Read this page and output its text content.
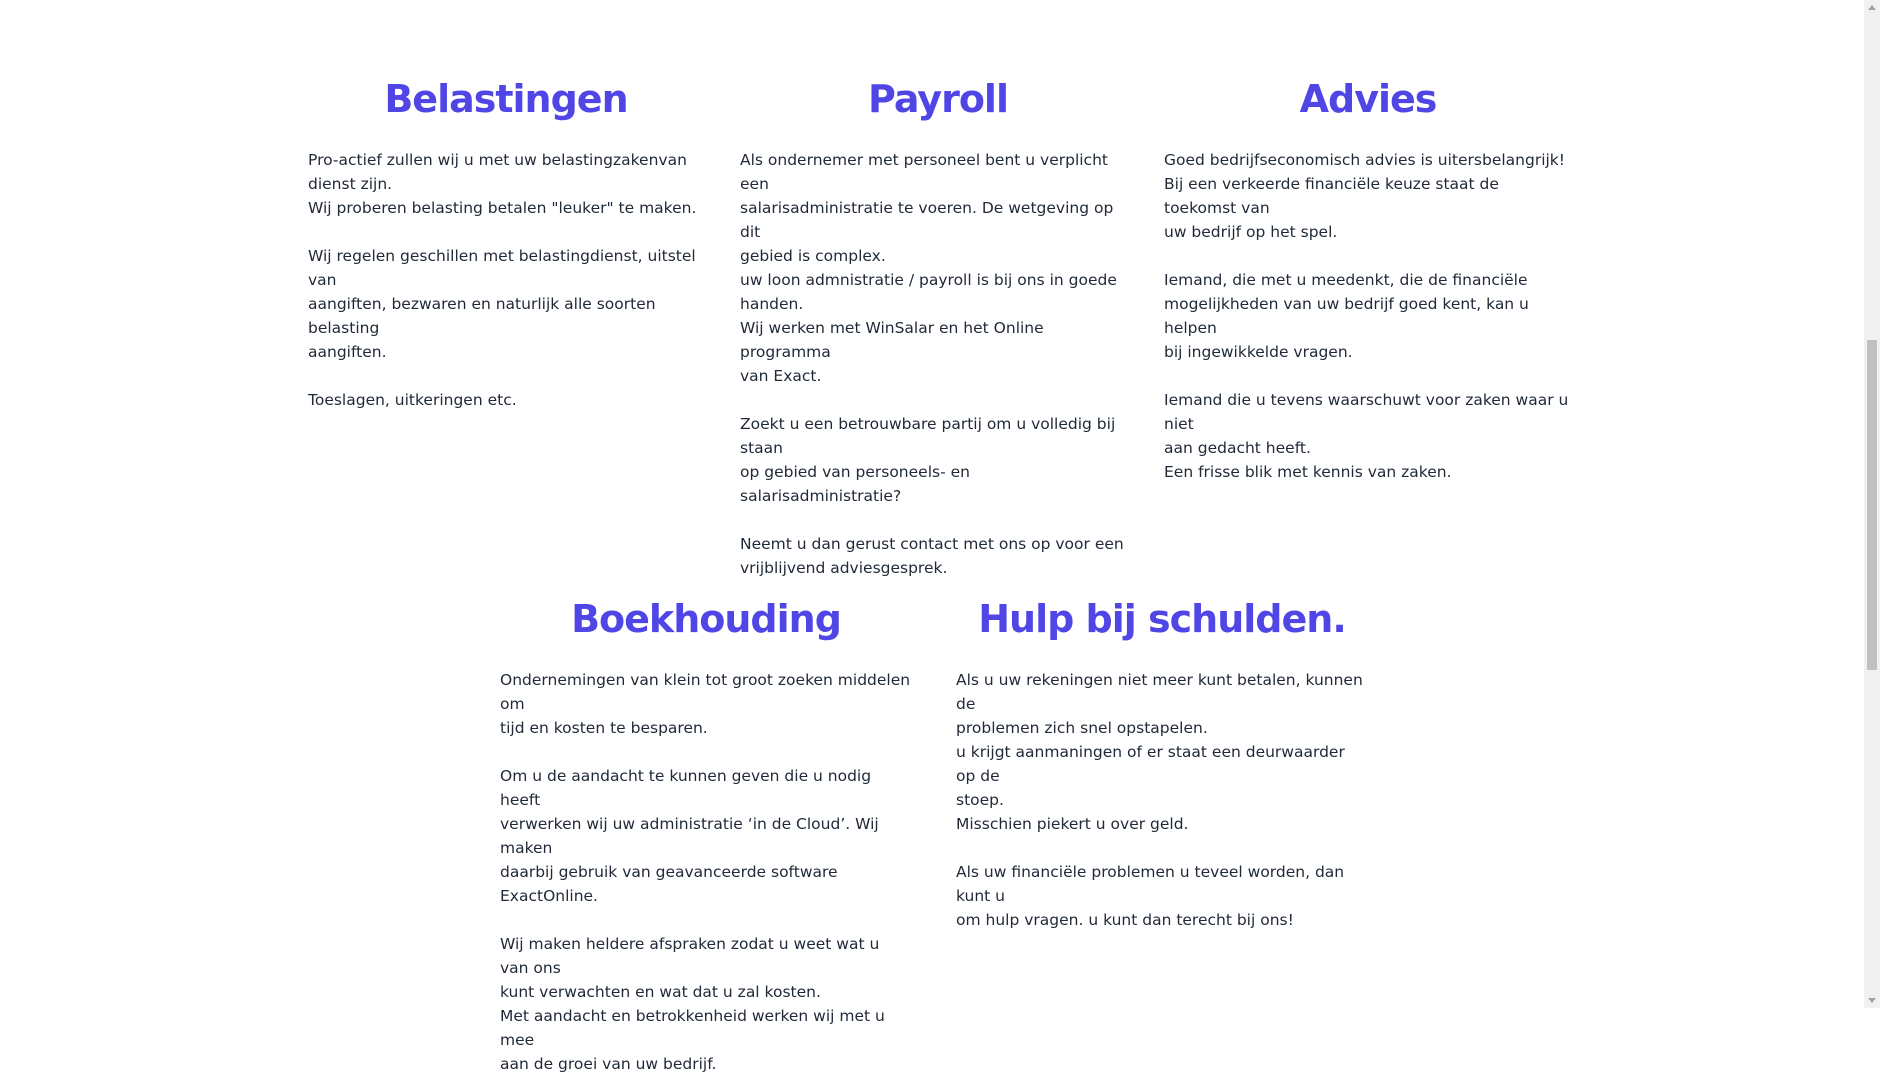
Belastingen

Pro-actief zullen wij u met uw belastingzakenvan
dienst zijn.
Wij proberen belasting betalen "leuker" te maken.

Wij regelen geschillen met belastingdienst, uitstel van
aangiften, bezwaren en naturlijk alle soorten belasting
aangiften.

Toeslagen, uitkeringen etc.

Payroll

Als ondernemer met personeel bent u verplicht een
salarisadministratie te voeren. De wetgeving op dit
gebied is complex.
uw loon admnistratie / payroll is bij ons in goede
handen.
Wij werken met WinSalar en het Online programma
van Exact.

Zoekt u een betrouwbare partij om u volledig bij staan
op gebied van personeels- en salarisadministratie?

Neemt u dan gerust contact met ons op voor een
vrijblijvend adviesgesprek.

Advies

Goed bedrijfseconomisch advies is uitersbelangrijk!
Bij een verkeerde financiële keuze staat de toekomst van
uw bedrijf op het spel.

Iemand, die met u meedenkt, die de financiële
mogelijkheden van uw bedrijf goed kent, kan u helpen
bij ingewikkelde vragen.

Iemand die u tevens waarschuwt voor zaken waar u niet
aan gedacht heeft.
Een frisse blik met kennis van zaken.

Boekhouding

Ondernemingen van klein tot groot zoeken middelen om
tijd en kosten te besparen.

Om u de aandacht te kunnen geven die u nodig heeft
verwerken wij uw administratie ‘in de Cloud’. Wij maken
daarbij gebruik van geavanceerde software ExactOnline.

Wij maken heldere afspraken zodat u weet wat u van ons
kunt verwachten en wat dat u zal kosten.
Met aandacht en betrokkenheid werken wij met u mee
aan de groei van uw bedrijf.

Hulp bij schulden.

Als u uw rekeningen niet meer kunt betalen, kunnen de
problemen zich snel opstapelen.
u krijgt aanmaningen of er staat een deurwaarder op de
stoep.
Misschien piekert u over geld.

Als uw financiële problemen u teveel worden, dan kunt u
om hulp vragen. u kunt dan terecht bij ons!
